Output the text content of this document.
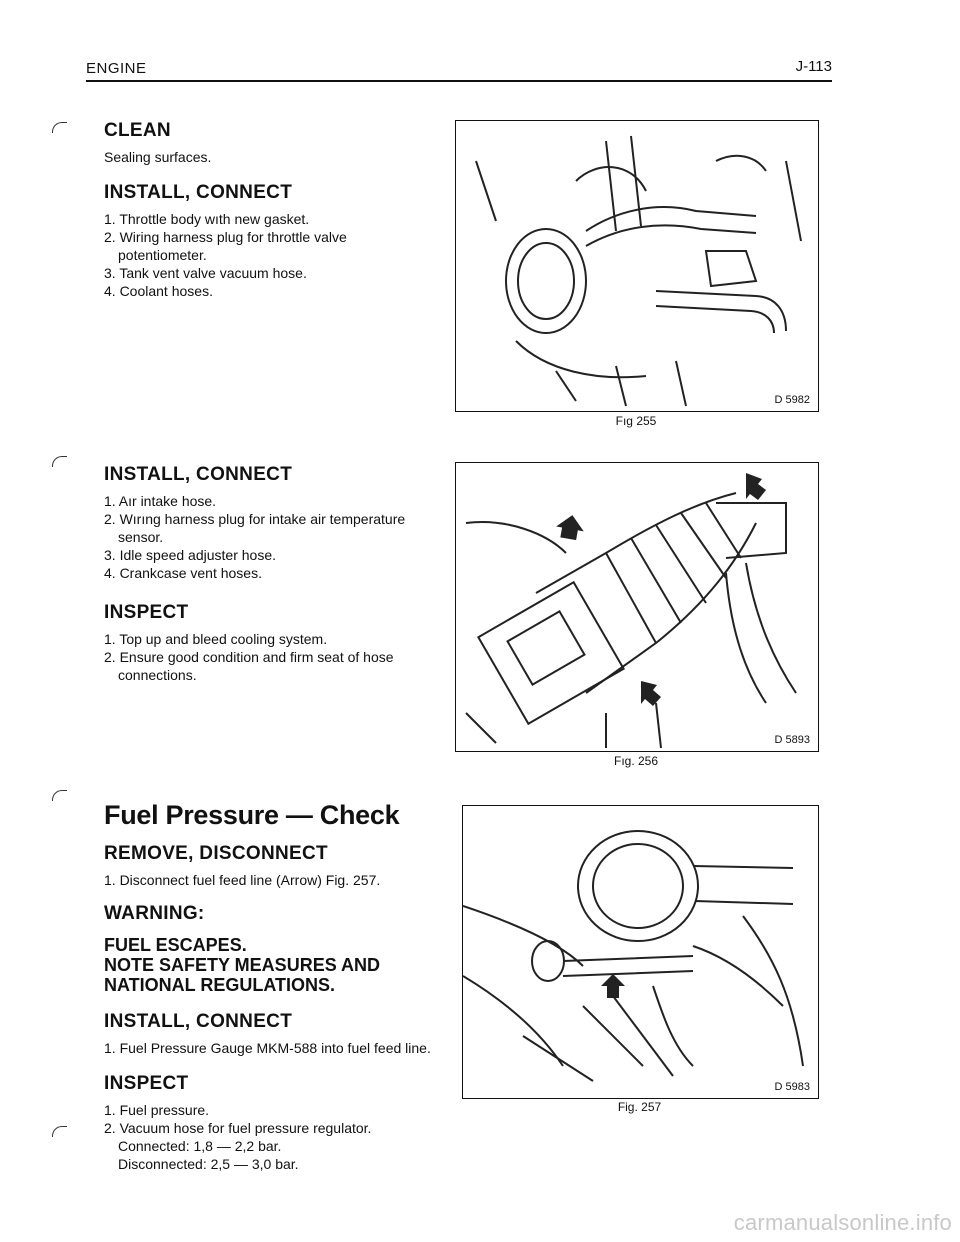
ENGINE	J-113
CLEAN

Sealing surfaces.

INSTALL, CONNECT
1. Throttle body wıth new gasket.
2. Wiring harness plug for throttle valve potentiometer.
3. Tank vent valve vacuum hose.
4. Coolant hoses.
INSTALL, CONNECT
1. Aır intake hose.
2. Wırıng harness plug for intake air temperature sensor.
3. Idle speed adjuster hose.
4. Crankcase vent hoses.
INSPECT
1. Top up and bleed cooling system.
2. Ensure good condition and firm seat of hose connections.
Fuel Pressure — Check
REMOVE, DISCONNECT
1. Disconnect fuel feed line (Arrow) Fig. 257.
WARNING:

FUEL ESCAPES.

NOTE SAFETY MEASURES AND NATIONAL REGULATIONS.

INSTALL, CONNECT
1. Fuel Pressure Gauge MKM-588 into fuel feed line.
INSPECT
1. Fuel pressure.
2. Vacuum hose for fuel pressure regulator.

Connected: 1,8 — 2,2 bar.

Disconnected: 2,5 — 3,0 bar.

D 5982
Fıg 255
D 5893
Fıg. 256
D 5983
Fig. 257
carmanualsonline.info
